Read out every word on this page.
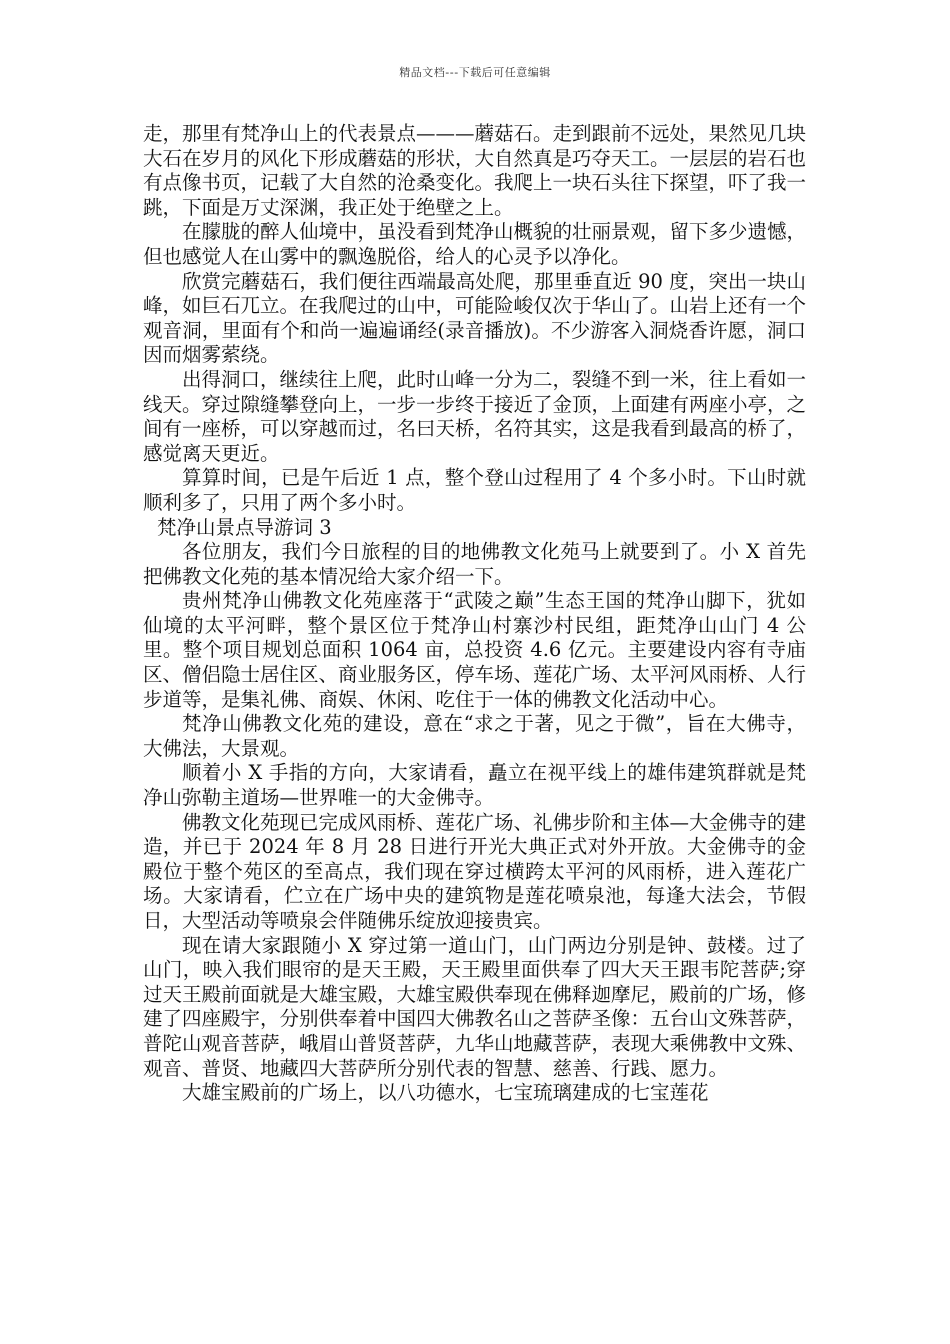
精品文档---下载后可任意编辑

走，那里有梵净山上的代表景点———蘑菇石。走到跟前不远处，果然见几块大石在岁月的风化下形成蘑菇的形状，大自然真是巧夺天工。一层层的岩石也有点像书页，记载了大自然的沧桑变化。我爬上一块石头往下探望，吓了我一跳，下面是万丈深渊，我正处于绝壁之上。

在朦胧的醉人仙境中，虽没看到梵净山概貌的壮丽景观，留下多少遗憾，但也感觉人在山雾中的飘逸脱俗，给人的心灵予以净化。

欣赏完蘑菇石，我们便往西端最高处爬，那里垂直近 90 度，突出一块山峰，如巨石兀立。在我爬过的山中，可能险峻仅次于华山了。山岩上还有一个观音洞，里面有个和尚一遍遍诵经(录音播放)。不少游客入洞烧香许愿，洞口因而烟雾萦绕。

出得洞口，继续往上爬，此时山峰一分为二，裂缝不到一米，往上看如一线天。穿过隙缝攀登向上，一步一步终于接近了金顶，上面建有两座小亭，之间有一座桥，可以穿越而过，名曰天桥，名符其实，这是我看到最高的桥了，感觉离天更近。

算算时间，已是午后近 1 点，整个登山过程用了 4 个多小时。下山时就顺利多了，只用了两个多小时。

梵净山景点导游词 3

各位朋友，我们今日旅程的目的地佛教文化苑马上就要到了。小 X 首先把佛教文化苑的基本情况给大家介绍一下。

贵州梵净山佛教文化苑座落于“武陵之巅”生态王国的梵净山脚下，犹如仙境的太平河畔，整个景区位于梵净山村寨沙村民组，距梵净山山门 4 公里。整个项目规划总面积 1064 亩，总投资 4.6 亿元。主要建设内容有寺庙区、僧侣隐士居住区、商业服务区，停车场、莲花广场、太平河风雨桥、人行步道等，是集礼佛、商娱、休闲、吃住于一体的佛教文化活动中心。

梵净山佛教文化苑的建设，意在“求之于著，见之于微”，旨在大佛寺，大佛法，大景观。

顺着小 X 手指的方向，大家请看，矗立在视平线上的雄伟建筑群就是梵净山弥勒主道场—世界唯一的大金佛寺。

佛教文化苑现已完成风雨桥、莲花广场、礼佛步阶和主体—大金佛寺的建造，并已于 2024 年 8 月 28 日进行开光大典正式对外开放。大金佛寺的金殿位于整个苑区的至高点，我们现在穿过横跨太平河的风雨桥，进入莲花广场。大家请看，伫立在广场中央的建筑物是莲花喷泉池，每逢大法会，节假日，大型活动等喷泉会伴随佛乐绽放迎接贵宾。

现在请大家跟随小 X 穿过第一道山门，山门两边分别是钟、鼓楼。过了山门，映入我们眼帘的是天王殿，天王殿里面供奉了四大天王跟韦陀菩萨;穿过天王殿前面就是大雄宝殿，大雄宝殿供奉现在佛释迦摩尼，殿前的广场，修建了四座殿宇，分别供奉着中国四大佛教名山之菩萨圣像：五台山文殊菩萨，普陀山观音菩萨，峨眉山普贤菩萨，九华山地藏菩萨，表现大乘佛教中文殊、观音、普贤、地藏四大菩萨所分别代表的智慧、慈善、行践、愿力。

大雄宝殿前的广场上，以八功德水，七宝琉璃建成的七宝莲花
